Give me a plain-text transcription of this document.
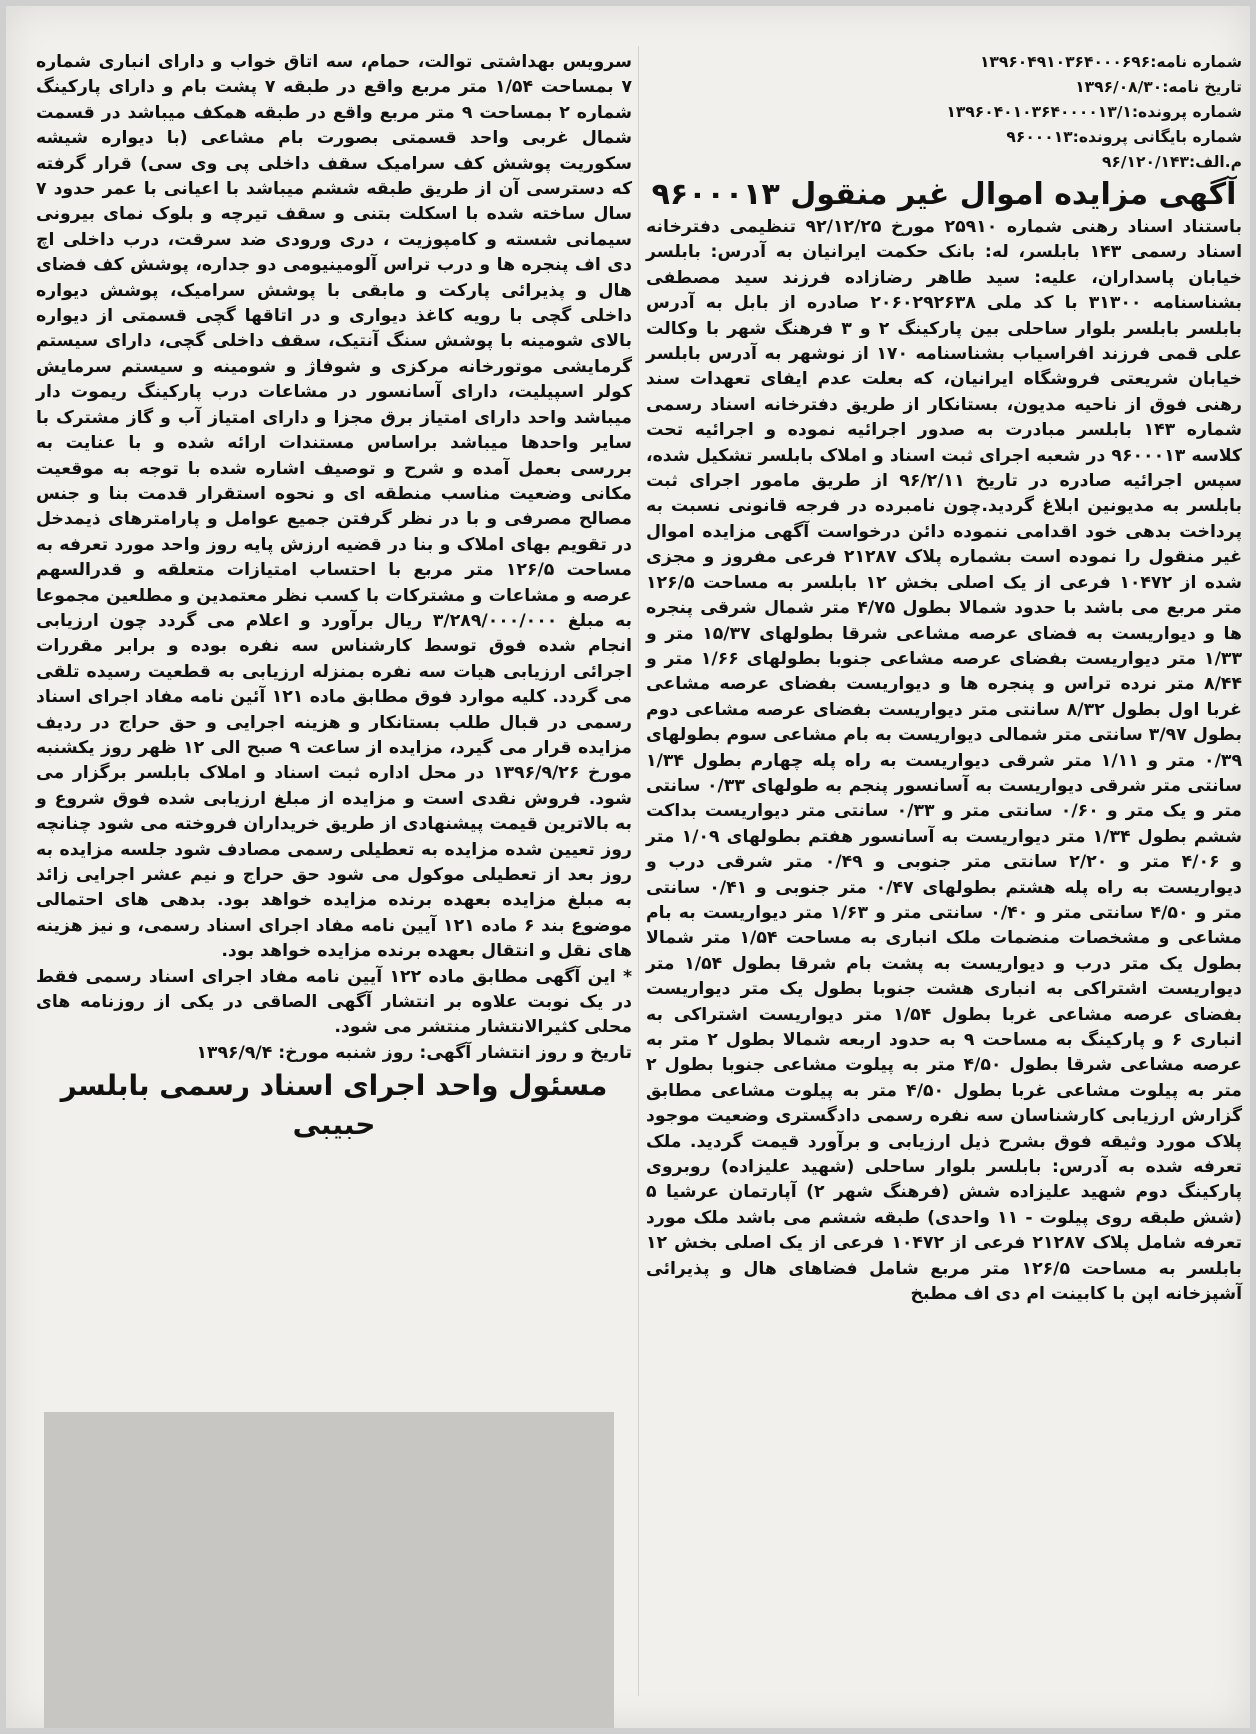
شماره نامه:۱۳۹۶۰۴۹۱۰۳۶۴۰۰۰۶۹۶

تاریخ نامه:۱۳۹۶/۰۸/۳۰

شماره پرونده:۱۳۹۶۰۴۰۱۰۳۶۴۰۰۰۰۱۳/۱

شماره بایگانی پرونده:۹۶۰۰۰۱۳

م.الف:۹۶/۱۲۰/۱۴۳

آگهی مزایده اموال غیر منقول ۹۶۰۰۰۱۳

باستناد اسناد رهنی شماره ۲۵۹۱۰ مورخ ۹۲/۱۲/۲۵ تنظیمی دفترخانه اسناد رسمی ۱۴۳ بابلسر، له: بانک حکمت ایرانیان به آدرس: بابلسر خیابان پاسداران، علیه: سید طاهر رضازاده فرزند سید مصطفی بشناسنامه ۳۱۳۰۰ با کد ملی ۲۰۶۰۲۹۲۶۳۸ صادره از بابل به آدرس بابلسر بابلسر بلوار ساحلی بین پارکینگ ۲ و ۳ فرهنگ شهر با وکالت علی قمی فرزند افراسیاب بشناسنامه ۱۷۰ از نوشهر به آدرس بابلسر خیابان شریعتی فروشگاه ایرانیان، که بعلت عدم ایفای تعهدات سند رهنی فوق از ناحیه مدیون، بستانکار از طریق دفترخانه اسناد رسمی شماره ۱۴۳ بابلسر مبادرت به صدور اجرائیه نموده و اجرائیه تحت کلاسه ۹۶۰۰۰۱۳ در شعبه اجرای ثبت اسناد و املاک بابلسر تشکیل شده، سپس اجرائیه صادره در تاریخ ۹۶/۲/۱۱ از طریق مامور اجرای ثبت بابلسر به مدیونین ابلاغ گردید.چون نامبرده در فرجه قانونی نسبت به پرداخت بدهی خود اقدامی ننموده دائن درخواست آگهی مزایده اموال غیر منقول را نموده است بشماره پلاک ۲۱۲۸۷ فرعی مفروز و مجزی شده از ۱۰۴۷۲ فرعی از یک اصلی بخش ۱۲ بابلسر به مساحت ۱۲۶/۵ متر مربع می باشد با حدود شمالا بطول ۴/۷۵ متر شمال شرقی پنجره ها و دیواریست به فضای عرصه مشاعی شرقا بطولهای ۱۵/۳۷ متر و ۱/۳۳ متر دیواریست بفضای عرصه مشاعی جنوبا بطولهای ۱/۶۶ متر و ۸/۴۴ متر نرده تراس و پنجره ها و دیواریست بفضای عرصه مشاعی غربا اول بطول ۸/۳۲ سانتی متر دیواریست بفضای عرصه مشاعی دوم بطول ۳/۹۷ سانتی متر شمالی دیواریست به بام مشاعی سوم بطولهای ۰/۳۹ متر و ۱/۱۱ متر شرقی دیواریست به راه پله چهارم بطول ۱/۳۴ سانتی متر شرقی دیواریست به آسانسور پنجم به طولهای ۰/۳۳ سانتی متر و یک متر و ۰/۶۰ سانتی متر و ۰/۳۳ سانتی متر دیواریست بداکت ششم بطول ۱/۳۴ متر دیواریست به آسانسور هفتم بطولهای ۱/۰۹ متر و ۴/۰۶ متر و ۲/۲۰ سانتی متر جنوبی و ۰/۴۹ متر شرقی درب و دیواریست به راه پله هشتم بطولهای ۰/۴۷ متر جنوبی و ۰/۴۱ سانتی متر و ۴/۵۰ سانتی متر و ۰/۴۰ سانتی متر و ۱/۶۳ متر دیواریست به بام مشاعی و مشخصات منضمات ملک انباری به مساحت ۱/۵۴ متر شمالا بطول یک متر درب و دیواریست به پشت بام شرقا بطول ۱/۵۴ متر دیواریست اشتراکی به انباری هشت جنوبا بطول یک متر دیواریست بفضای عرصه مشاعی غربا بطول ۱/۵۴ متر دیواریست اشتراکی به انباری ۶ و پارکینگ به مساحت ۹ به حدود اربعه شمالا بطول ۲ متر به عرصه مشاعی شرقا بطول ۴/۵۰ متر به پیلوت مشاعی جنوبا بطول ۲ متر به پیلوت مشاعی غربا بطول ۴/۵۰ متر به پیلوت مشاعی مطابق گزارش ارزیابی کارشناسان سه نفره رسمی دادگستری وضعیت موجود پلاک مورد وثیقه فوق بشرح ذیل ارزیابی و برآورد قیمت گردید. ملک تعرفه شده به آدرس: بابلسر بلوار ساحلی (شهید علیزاده) روبروی پارکینگ دوم شهید علیزاده شش (فرهنگ شهر ۲) آپارتمان عرشیا ۵ (شش طبقه روی پیلوت - ۱۱ واحدی) طبقه ششم می باشد ملک مورد تعرفه شامل پلاک ۲۱۲۸۷ فرعی از ۱۰۴۷۲ فرعی از یک اصلی بخش ۱۲ بابلسر به مساحت ۱۲۶/۵ متر مربع شامل فضاهای هال و پذیرائی آشپزخانه اپن با کابینت ام دی اف مطبخ

سرویس بهداشتی توالت، حمام، سه اتاق خواب و دارای انباری شماره ۷ بمساحت ۱/۵۴ متر مربع واقع در طبقه ۷ پشت بام و دارای پارکینگ شماره ۲ بمساحت ۹ متر مربع واقع در طبقه همکف میباشد در قسمت شمال غربی واحد قسمتی بصورت بام مشاعی (با دیواره شیشه سکوریت پوشش کف سرامیک سقف داخلی پی وی سی) قرار گرفته که دسترسی آن از طریق طبقه ششم میباشد با اعیانی با عمر حدود ۷ سال ساخته شده با اسکلت بتنی و سقف تیرچه و بلوک نمای بیرونی سیمانی شسته و کامپوزیت ، دری ورودی ضد سرقت، درب داخلی اچ دی اف پنجره ها و درب تراس آلومینیومی دو جداره، پوشش کف فضای هال و پذیرائی پارکت و مابقی با پوشش سرامیک، پوشش دیواره داخلی گچی با رویه کاغذ دیواری و در اتاقها گچی قسمتی از دیواره بالای شومینه با پوشش سنگ آنتیک، سقف داخلی گچی، دارای سیستم گرمایشی موتورخانه مرکزی و شوفاژ و شومینه و سیستم سرمایش کولر اسپیلیت، دارای آسانسور در مشاعات درب پارکینگ ریموت دار میباشد واحد دارای امتیاز برق مجزا و دارای امتیاز آب و گاز مشترک با سایر واحدها میباشد براساس مستندات ارائه شده و با عنایت به بررسی بعمل آمده و شرح و توصیف اشاره شده با توجه به موقعیت مکانی وضعیت مناسب منطقه ای و نحوه استقرار قدمت بنا و جنس مصالح مصرفی و با در نظر گرفتن جمیع عوامل و پارامترهای ذیمدخل در تقویم بهای املاک و بنا در قضیه ارزش پایه روز واحد مورد تعرفه به مساحت ۱۲۶/۵ متر مربع با احتساب امتیازات متعلقه و قدرالسهم عرصه و مشاعات و مشترکات با کسب نظر معتمدین و مطلعین مجموعا به مبلغ ۳/۲۸۹/۰۰۰/۰۰۰ ریال برآورد و اعلام می گردد چون ارزیابی انجام شده فوق توسط کارشناس سه نفره بوده و برابر مقررات اجرائی ارزیابی هیات سه نفره بمنزله ارزیابی به قطعیت رسیده تلقی می گردد. کلیه موارد فوق مطابق ماده ۱۲۱ آئین نامه مفاد اجرای اسناد رسمی در قبال طلب بستانکار و هزینه اجرایی و حق حراج در ردیف مزایده قرار می گیرد، مزایده از ساعت ۹ صبح الی ۱۲ ظهر روز یکشنبه مورخ ۱۳۹۶/۹/۲۶ در محل اداره ثبت اسناد و املاک بابلسر برگزار می شود. فروش نقدی است و مزایده از مبلغ ارزیابی شده فوق شروع و به بالاترین قیمت پیشنهادی از طریق خریداران فروخته می شود چنانچه روز تعیین شده مزایده به تعطیلی رسمی مصادف شود جلسه مزایده به روز بعد از تعطیلی موکول می شود حق حراج و نیم عشر اجرایی زائد به مبلغ مزایده بعهده برنده مزایده خواهد بود. بدهی های احتمالی موضوع بند ۶ ماده ۱۲۱ آیین نامه مفاد اجرای اسناد رسمی، و نیز هزینه های نقل و انتقال بعهده برنده مزایده خواهد بود.

* این آگهی مطابق ماده ۱۲۲ آیین نامه مفاد اجرای اسناد رسمی فقط در یک نوبت علاوه بر انتشار آگهی الصاقی در یکی از روزنامه های محلی کثیرالانتشار منتشر می شود.

تاریخ و روز انتشار آگهی: روز شنبه مورخ: ۱۳۹۶/۹/۴

مسئول واحد اجرای اسناد رسمی بابلسر

حبیبی
